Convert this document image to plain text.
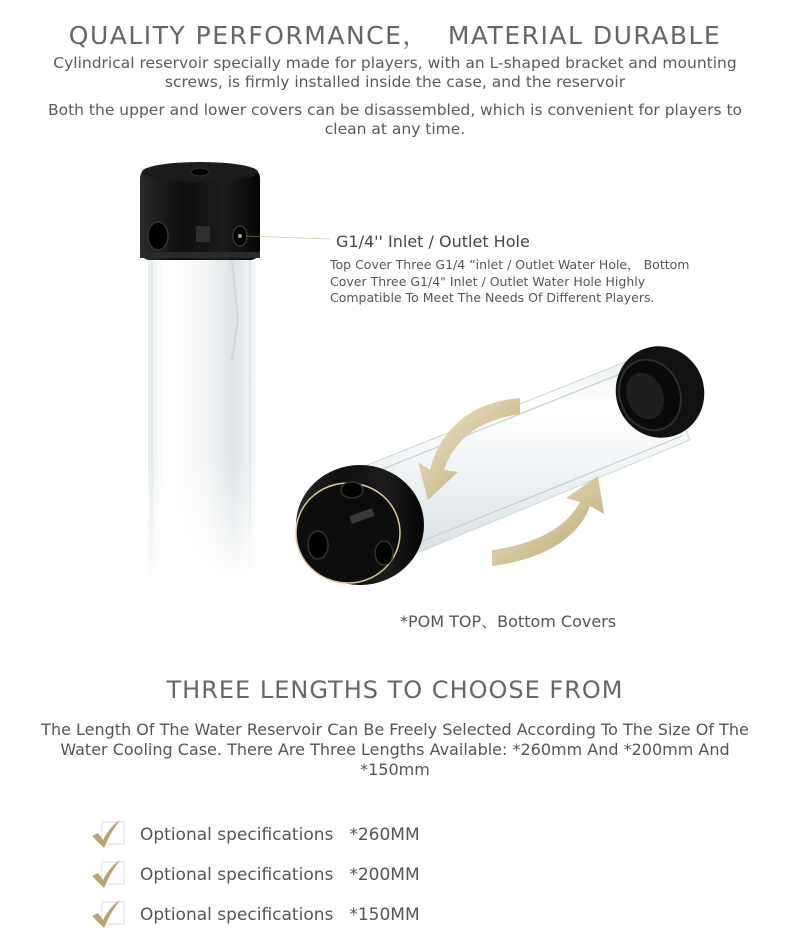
QUALITY PERFORMANCE，  MATERIAL DURABLE
Cylindrical reservoir specially made for players, with an L-shaped bracket and mounting screws, is firmly installed inside the case, and the reservoir
Both the upper and lower covers can be disassembled, which is convenient for players to clean at any time.
G1/4'' Inlet / Outlet Hole
Top Cover Three G1/4 “inlet / Outlet Water Hole， Bottom
Cover Three G1/4" Inlet / Outlet Water Hole Highly
Compatible To Meet The Needs Of Different Players.
*POM TOP、Bottom Covers
THREE LENGTHS TO CHOOSE FROM
The Length Of The Water Reservoir Can Be Freely Selected According To The Size Of The Water Cooling Case. There Are Three Lengths Available: *260mm And *200mm And *150mm
Optional specifications *260MM
Optional specifications *200MM
Optional specifications *150MM
